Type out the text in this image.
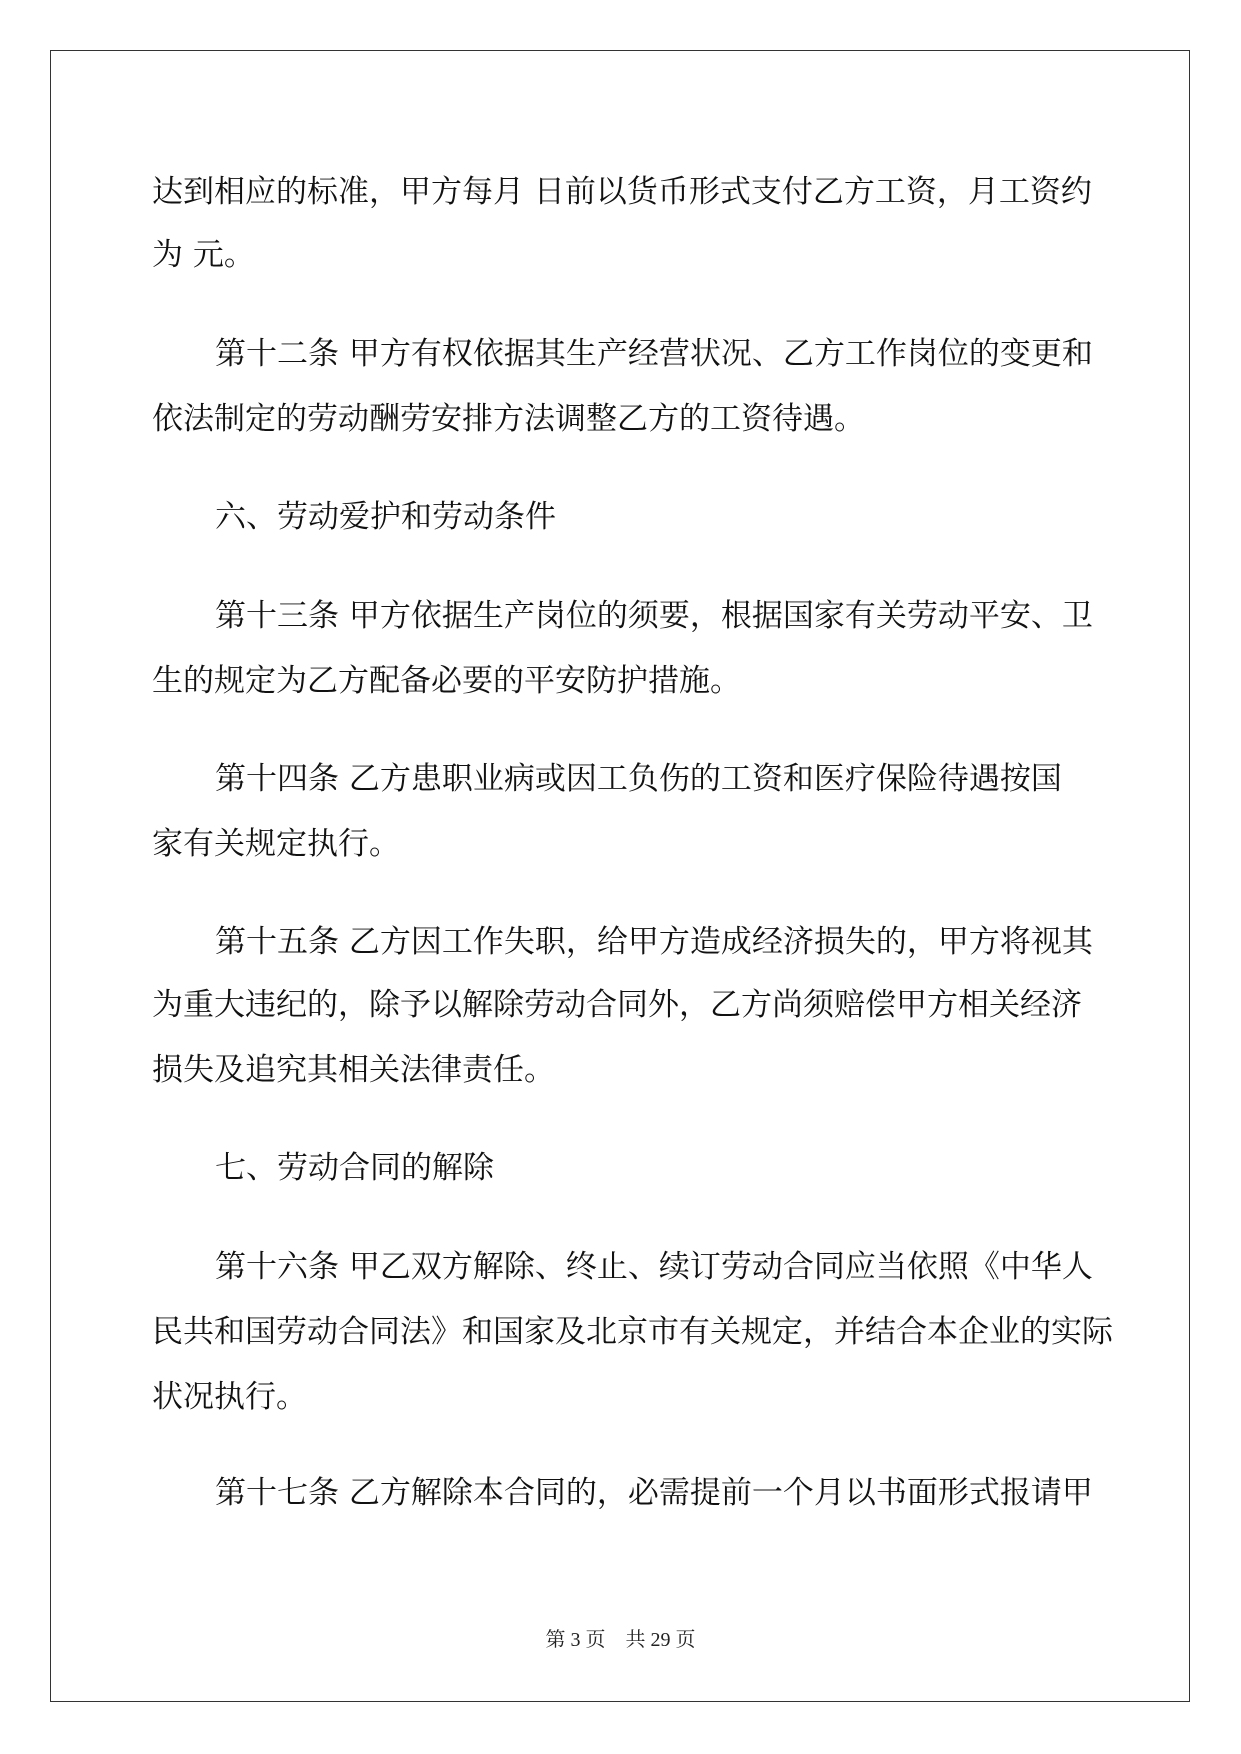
达到相应的标准，甲方每月 日前以货币形式支付乙方工资，月工资约
为 元。
第十二条 甲方有权依据其生产经营状况、乙方工作岗位的变更和
依法制定的劳动酬劳安排方法调整乙方的工资待遇。
六、劳动爱护和劳动条件
第十三条 甲方依据生产岗位的须要，根据国家有关劳动平安、卫
生的规定为乙方配备必要的平安防护措施。
第十四条 乙方患职业病或因工负伤的工资和医疗保险待遇按国
家有关规定执行。
第十五条 乙方因工作失职，给甲方造成经济损失的，甲方将视其
为重大违纪的，除予以解除劳动合同外，乙方尚须赔偿甲方相关经济
损失及追究其相关法律责任。
七、劳动合同的解除
第十六条 甲乙双方解除、终止、续订劳动合同应当依照《中华人
民共和国劳动合同法》和国家及北京市有关规定，并结合本企业的实际
状况执行。
第十七条 乙方解除本合同的，必需提前一个月以书面形式报请甲
第 3 页　共 29 页
